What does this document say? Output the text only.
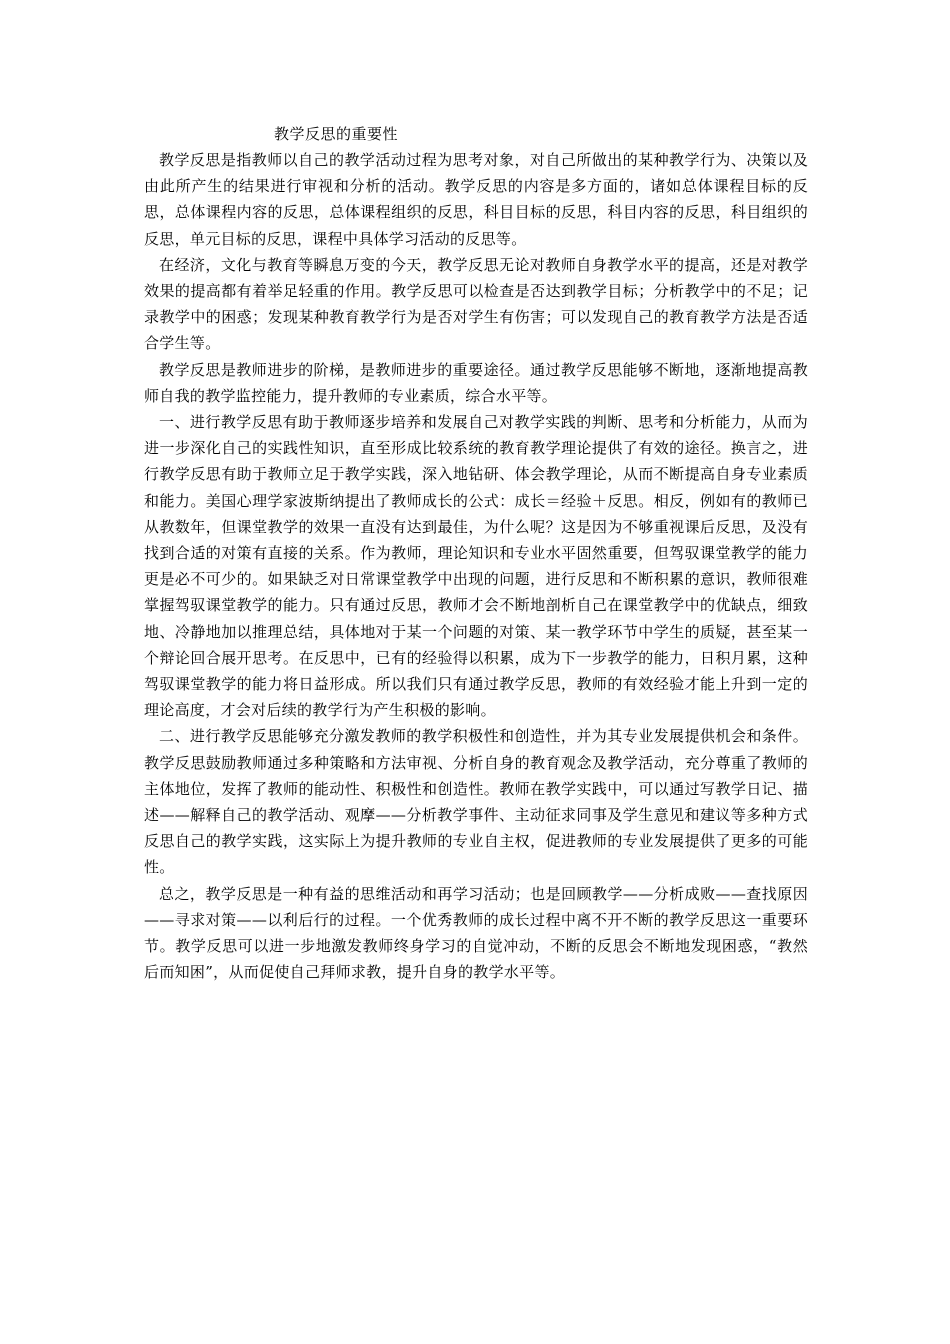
教学反思的重要性

教学反思是指教师以自己的教学活动过程为思考对象，对自己所做出的某种教学行为、决策以及由此所产生的结果进行审视和分析的活动。教学反思的内容是多方面的，诸如总体课程目标的反思，总体课程内容的反思，总体课程组织的反思，科目目标的反思，科目内容的反思，科目组织的反思，单元目标的反思，课程中具体学习活动的反思等。

在经济，文化与教育等瞬息万变的今天，教学反思无论对教师自身教学水平的提高，还是对教学效果的提高都有着举足轻重的作用。教学反思可以检查是否达到教学目标；分析教学中的不足；记录教学中的困惑；发现某种教育教学行为是否对学生有伤害；可以发现自己的教育教学方法是否适合学生等。

教学反思是教师进步的阶梯，是教师进步的重要途径。通过教学反思能够不断地，逐渐地提高教师自我的教学监控能力，提升教师的专业素质，综合水平等。

一、进行教学反思有助于教师逐步培养和发展自己对教学实践的判断、思考和分析能力，从而为进一步深化自己的实践性知识，直至形成比较系统的教育教学理论提供了有效的途径。换言之，进行教学反思有助于教师立足于教学实践，深入地钻研、体会教学理论，从而不断提高自身专业素质和能力。美国心理学家波斯纳提出了教师成长的公式：成长＝经验＋反思。相反，例如有的教师已从教数年，但课堂教学的效果一直没有达到最佳，为什么呢？这是因为不够重视课后反思，及没有找到合适的对策有直接的关系。作为教师，理论知识和专业水平固然重要，但驾驭课堂教学的能力更是必不可少的。如果缺乏对日常课堂教学中出现的问题，进行反思和不断积累的意识，教师很难掌握驾驭课堂教学的能力。只有通过反思，教师才会不断地剖析自己在课堂教学中的优缺点，细致地、冷静地加以推理总结，具体地对于某一个问题的对策、某一教学环节中学生的质疑，甚至某一个辩论回合展开思考。在反思中，已有的经验得以积累，成为下一步教学的能力，日积月累，这种驾驭课堂教学的能力将日益形成。所以我们只有通过教学反思，教师的有效经验才能上升到一定的理论高度，才会对后续的教学行为产生积极的影响。

二、进行教学反思能够充分激发教师的教学积极性和创造性，并为其专业发展提供机会和条件。教学反思鼓励教师通过多种策略和方法审视、分析自身的教育观念及教学活动，充分尊重了教师的主体地位，发挥了教师的能动性、积极性和创造性。教师在教学实践中，可以通过写教学日记、描述——解释自己的教学活动、观摩——分析教学事件、主动征求同事及学生意见和建议等多种方式反思自己的教学实践，这实际上为提升教师的专业自主权，促进教师的专业发展提供了更多的可能性。

总之，教学反思是一种有益的思维活动和再学习活动；也是回顾教学——分析成败——查找原因——寻求对策——以利后行的过程。一个优秀教师的成长过程中离不开不断的教学反思这一重要环节。教学反思可以进一步地激发教师终身学习的自觉冲动，不断的反思会不断地发现困惑，“教然后而知困”，从而促使自己拜师求教，提升自身的教学水平等。
